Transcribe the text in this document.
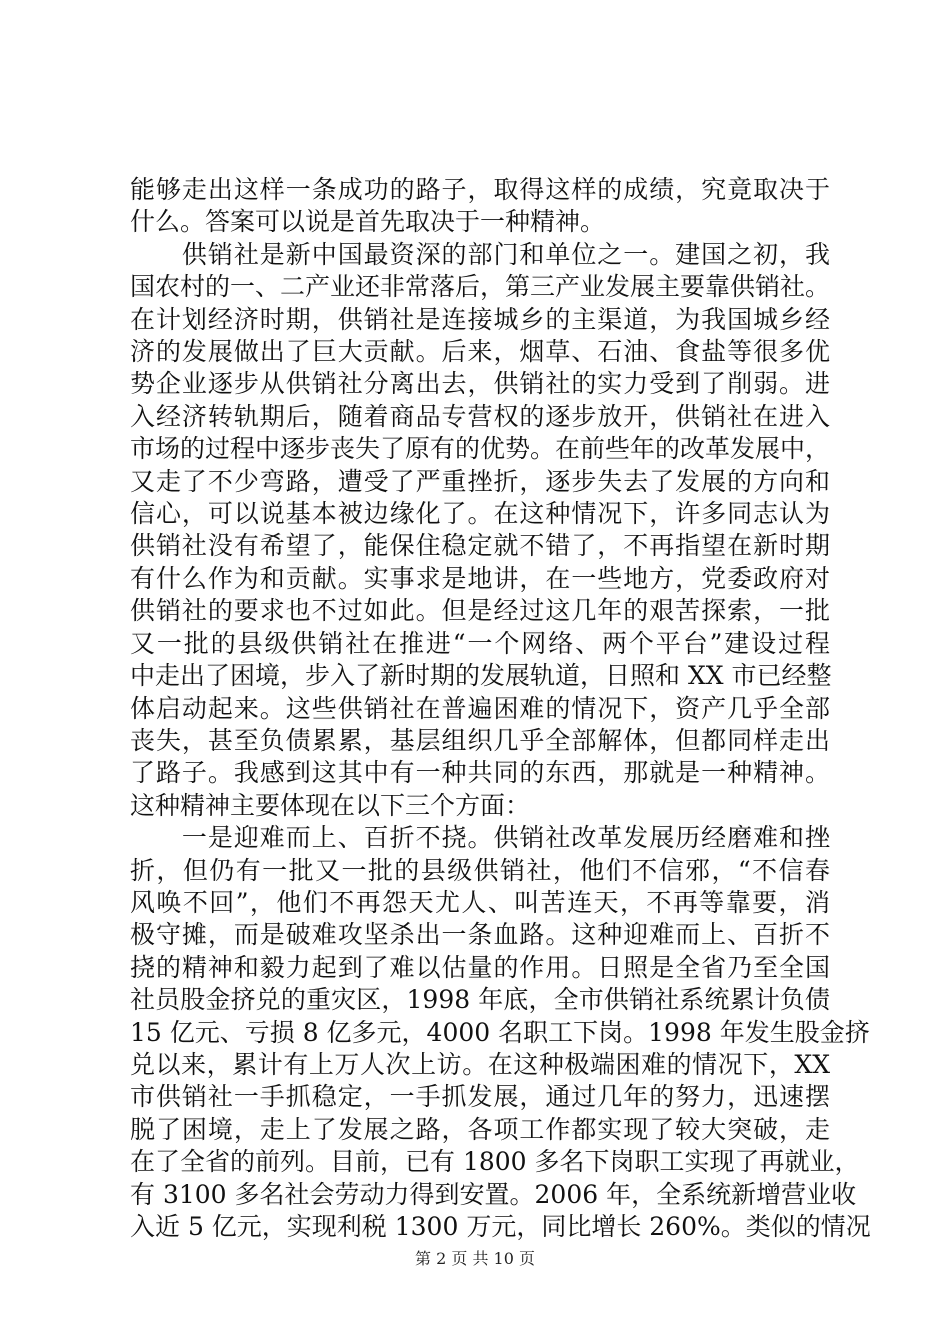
能够走出这样一条成功的路子，取得这样的成绩，究竟取决于
什么。答案可以说是首先取决于一种精神。
　　供销社是新中国最资深的部门和单位之一。建国之初，我
国农村的一、二产业还非常落后，第三产业发展主要靠供销社。
在计划经济时期，供销社是连接城乡的主渠道，为我国城乡经
济的发展做出了巨大贡献。后来，烟草、石油、食盐等很多优
势企业逐步从供销社分离出去，供销社的实力受到了削弱。进
入经济转轨期后，随着商品专营权的逐步放开，供销社在进入
市场的过程中逐步丧失了原有的优势。在前些年的改革发展中，
又走了不少弯路，遭受了严重挫折，逐步失去了发展的方向和
信心，可以说基本被边缘化了。在这种情况下，许多同志认为
供销社没有希望了，能保住稳定就不错了，不再指望在新时期
有什么作为和贡献。实事求是地讲，在一些地方，党委政府对
供销社的要求也不过如此。但是经过这几年的艰苦探索，一批
又一批的县级供销社在推进“一个网络、两个平台”建设过程
中走出了困境，步入了新时期的发展轨道，日照和 XX 市已经整
体启动起来。这些供销社在普遍困难的情况下，资产几乎全部
丧失，甚至负债累累，基层组织几乎全部解体，但都同样走出
了路子。我感到这其中有一种共同的东西，那就是一种精神。
这种精神主要体现在以下三个方面：
　　一是迎难而上、百折不挠。供销社改革发展历经磨难和挫
折，但仍有一批又一批的县级供销社，他们不信邪，“不信春
风唤不回”，他们不再怨天尤人、叫苦连天，不再等靠要，消
极守摊，而是破难攻坚杀出一条血路。这种迎难而上、百折不
挠的精神和毅力起到了难以估量的作用。日照是全省乃至全国
社员股金挤兑的重灾区，1998 年底，全市供销社系统累计负债
15 亿元、亏损 8 亿多元，4000 名职工下岗。1998 年发生股金挤
兑以来，累计有上万人次上访。在这种极端困难的情况下，XX
市供销社一手抓稳定，一手抓发展，通过几年的努力，迅速摆
脱了困境，走上了发展之路，各项工作都实现了较大突破，走
在了全省的前列。目前，已有 1800 多名下岗职工实现了再就业，
有 3100 多名社会劳动力得到安置。2006 年，全系统新增营业收
入近 5 亿元，实现利税 1300 万元，同比增长 260%。类似的情况
第 2 页 共 10 页
